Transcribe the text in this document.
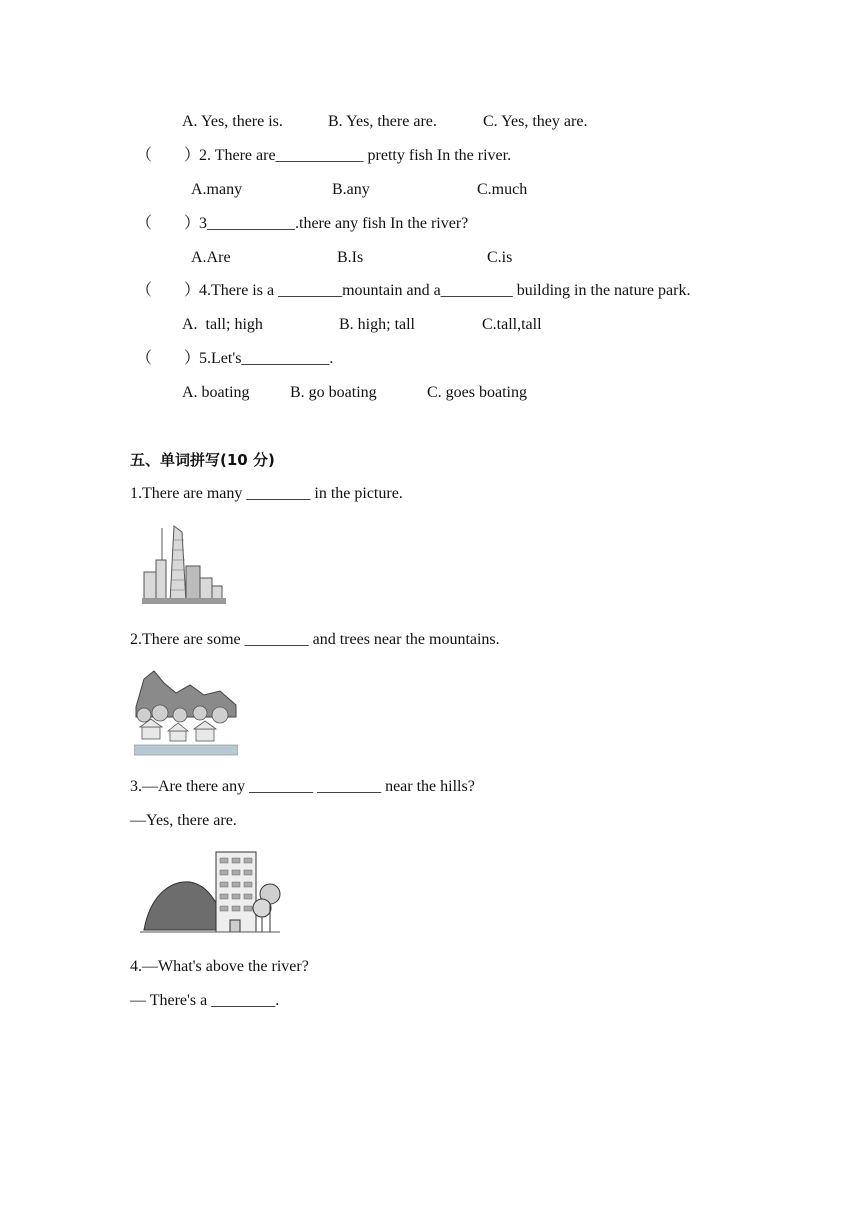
A. Yes, there is.	B. Yes, there are.	C. Yes, they are.
（        ）
2. There are___________ pretty fish In the river.
A.many	B.any	C.much
（        ）
3___________.there any fish In the river?
A.Are	B.Is	C.is
（        ）
4.There is a ________mountain and a_________ building in the nature park.
A.  tall; high	B. high; tall	C.tall,tall
（        ）
5.Let's___________.
A. boating	B. go boating	C. goes boating
五、单词拼写(10 分)
1.There are many ________ in the picture.
2.There are some ________ and trees near the mountains.
3.—Are there any ________ ________ near the hills?
—Yes, there are.
4.—What's above the river?
— There's a ________.
